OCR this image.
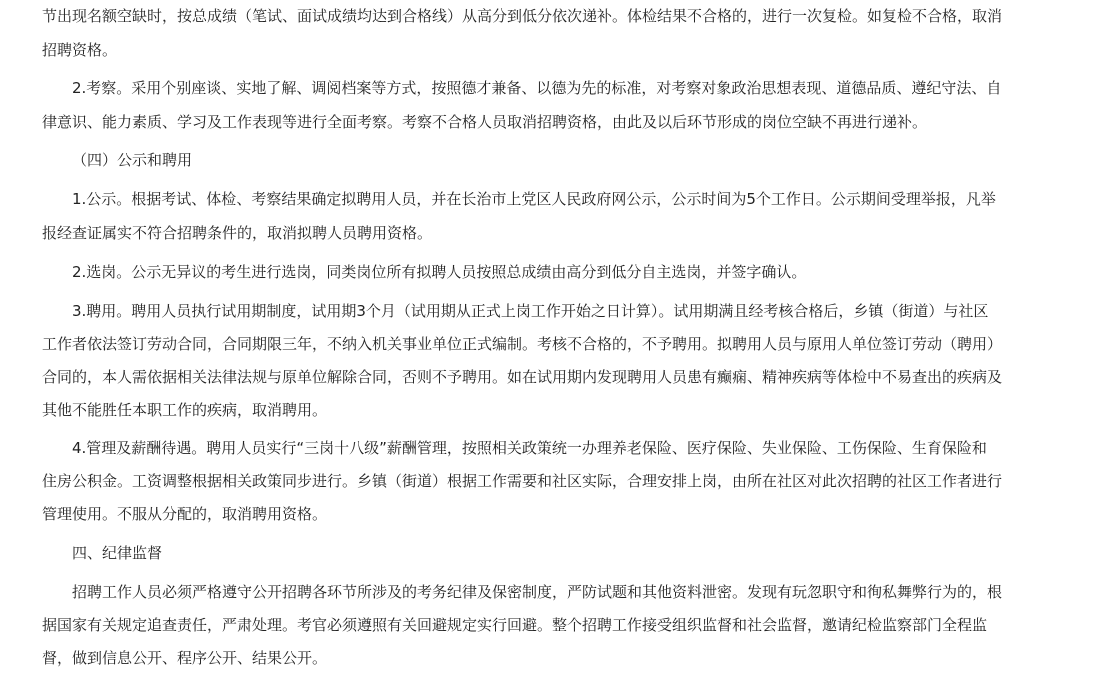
节出现名额空缺时，按总成绩（笔试、面试成绩均达到合格线）从高分到低分依次递补。体检结果不合格的，进行一次复检。如复检不合格，取消
招聘资格。
2.考察。采用个别座谈、实地了解、调阅档案等方式，按照德才兼备、以德为先的标准，对考察对象政治思想表现、道德品质、遵纪守法、自
律意识、能力素质、学习及工作表现等进行全面考察。考察不合格人员取消招聘资格，由此及以后环节形成的岗位空缺不再进行递补。
（四）公示和聘用
1.公示。根据考试、体检、考察结果确定拟聘用人员，并在长治市上党区人民政府网公示，公示时间为5个工作日。公示期间受理举报，凡举
报经查证属实不符合招聘条件的，取消拟聘人员聘用资格。
2.选岗。公示无异议的考生进行选岗，同类岗位所有拟聘人员按照总成绩由高分到低分自主选岗，并签字确认。
3.聘用。聘用人员执行试用期制度，试用期3个月（试用期从正式上岗工作开始之日计算）。试用期满且经考核合格后，乡镇（街道）与社区
工作者依法签订劳动合同，合同期限三年，不纳入机关事业单位正式编制。考核不合格的，不予聘用。拟聘用人员与原用人单位签订劳动（聘用）
合同的，本人需依据相关法律法规与原单位解除合同，否则不予聘用。如在试用期内发现聘用人员患有癫痫、精神疾病等体检中不易查出的疾病及
其他不能胜任本职工作的疾病，取消聘用。
4.管理及薪酬待遇。聘用人员实行“三岗十八级”薪酬管理，按照相关政策统一办理养老保险、医疗保险、失业保险、工伤保险、生育保险和
住房公积金。工资调整根据相关政策同步进行。乡镇（街道）根据工作需要和社区实际，合理安排上岗，由所在社区对此次招聘的社区工作者进行
管理使用。不服从分配的，取消聘用资格。
四、纪律监督
招聘工作人员必须严格遵守公开招聘各环节所涉及的考务纪律及保密制度，严防试题和其他资料泄密。发现有玩忽职守和徇私舞弊行为的，根
据国家有关规定追查责任，严肃处理。考官必须遵照有关回避规定实行回避。整个招聘工作接受组织监督和社会监督，邀请纪检监察部门全程监
督，做到信息公开、程序公开、结果公开。
